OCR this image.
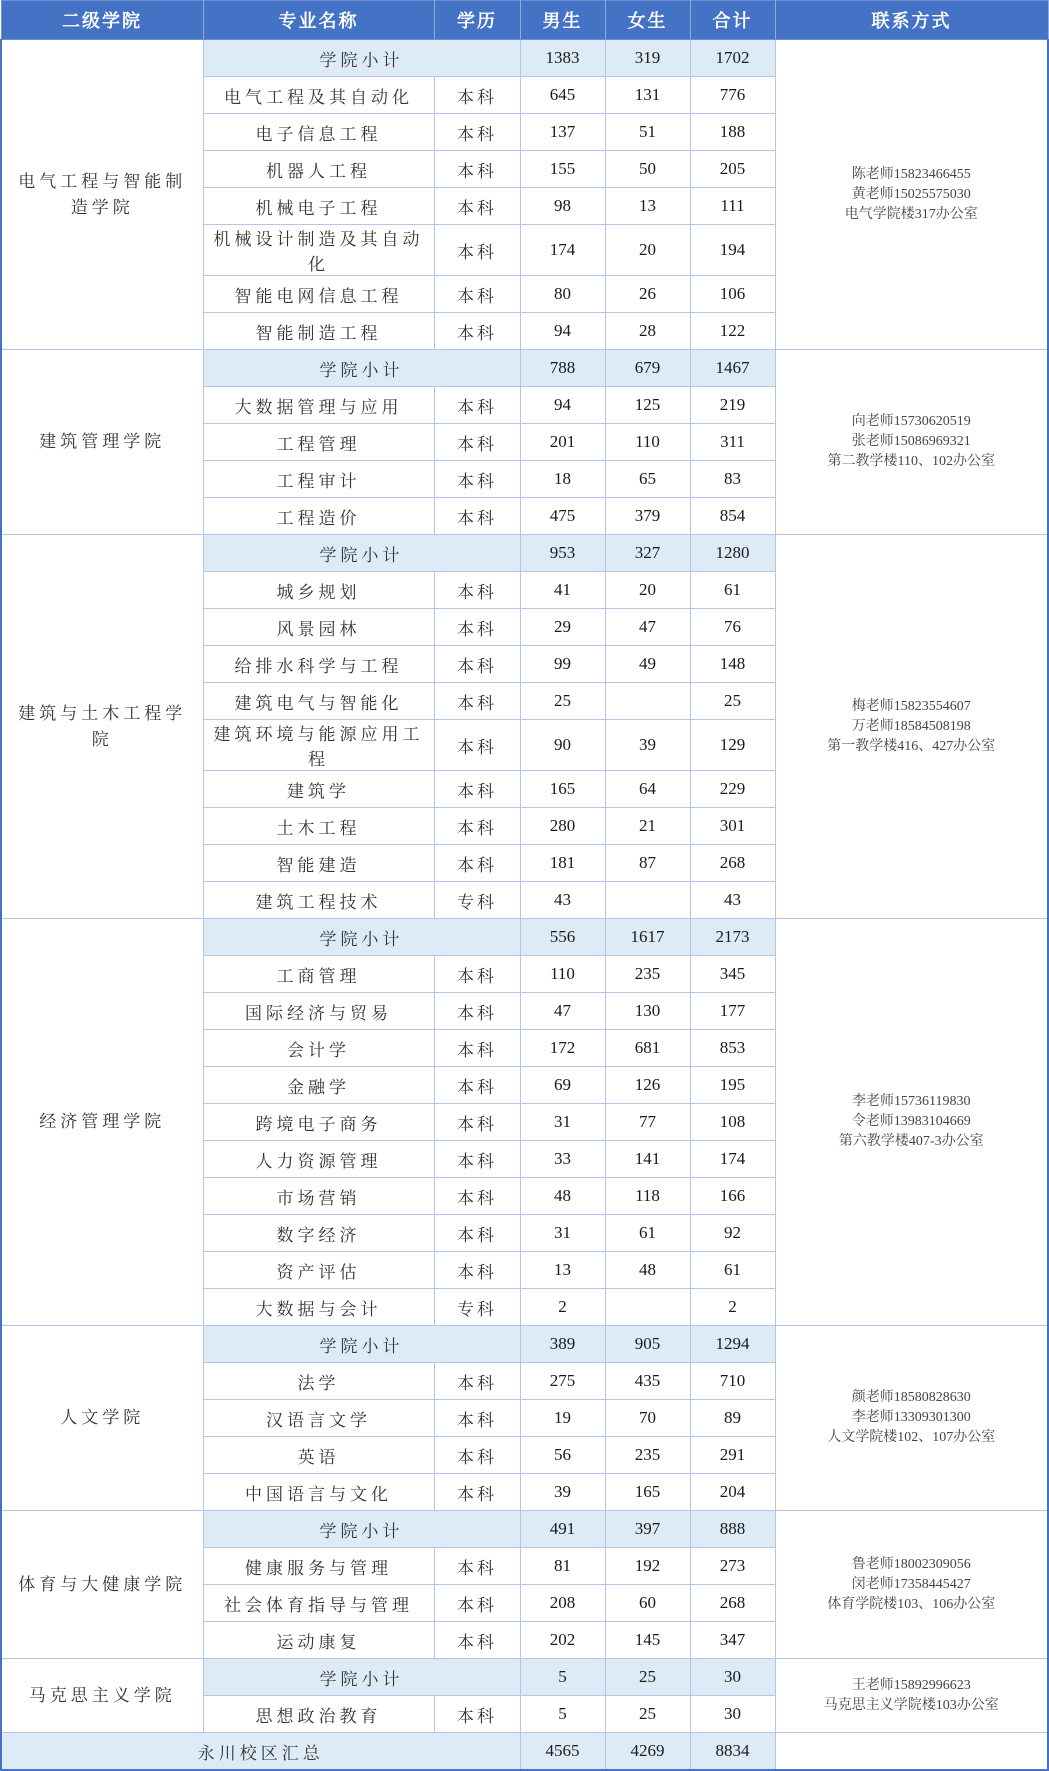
二级学院	专业名称	学历	男生	女生	合计	联系方式
电气工程与智能制造学院	学院小计		1383	319	1702	陈老师15823466455
黄老师15025575030
电气学院楼317办公室

	电气工程及其自动化	本科	645	131	776	
	电子信息工程	本科	137	51	188	
	机器人工程	本科	155	50	205	
	机械电子工程	本科	98	13	111	
	机械设计制造及其自动化	本科	174	20	194	
	智能电网信息工程	本科	80	26	106	
	智能制造工程	本科	94	28	122	
建筑管理学院	学院小计		788	679	1467	向老师15730620519
张老师15086969321
第二教学楼110、102办公室

	大数据管理与应用	本科	94	125	219	
	工程管理	本科	201	110	311	
	工程审计	本科	18	65	83	
	工程造价	本科	475	379	854	
建筑与土木工程学院	学院小计		953	327	1280	梅老师15823554607
万老师18584508198
第一教学楼416、427办公室

	城乡规划	本科	41	20	61	
	风景园林	本科	29	47	76	
	给排水科学与工程	本科	99	49	148	
	建筑电气与智能化	本科	25		25	
	建筑环境与能源应用工程	本科	90	39	129	
	建筑学	本科	165	64	229	
	土木工程	本科	280	21	301	
	智能建造	本科	181	87	268	
	建筑工程技术	专科	43		43	
经济管理学院	学院小计		556	1617	2173	李老师15736119830
令老师13983104669
第六教学楼407-3办公室

	工商管理	本科	110	235	345	
	国际经济与贸易	本科	47	130	177	
	会计学	本科	172	681	853	
	金融学	本科	69	126	195	
	跨境电子商务	本科	31	77	108	
	人力资源管理	本科	33	141	174	
	市场营销	本科	48	118	166	
	数字经济	本科	31	61	92	
	资产评估	本科	13	48	61	
	大数据与会计	专科	2		2	
人文学院	学院小计		389	905	1294	颜老师18580828630
李老师13309301300
人文学院楼102、107办公室

	法学	本科	275	435	710	
	汉语言文学	本科	19	70	89	
	英语	本科	56	235	291	
	中国语言与文化	本科	39	165	204	
体育与大健康学院	学院小计		491	397	888	鲁老师18002309056
闵老师17358445427
体育学院楼103、106办公室

	健康服务与管理	本科	81	192	273	
	社会体育指导与管理	本科	208	60	268	
	运动康复	本科	202	145	347	
马克思主义学院	学院小计		5	25	30	王老师15892996623
马克思主义学院楼103办公室

	思想政治教育	本科	5	25	30	
永川校区汇总			4565	4269	8834	
